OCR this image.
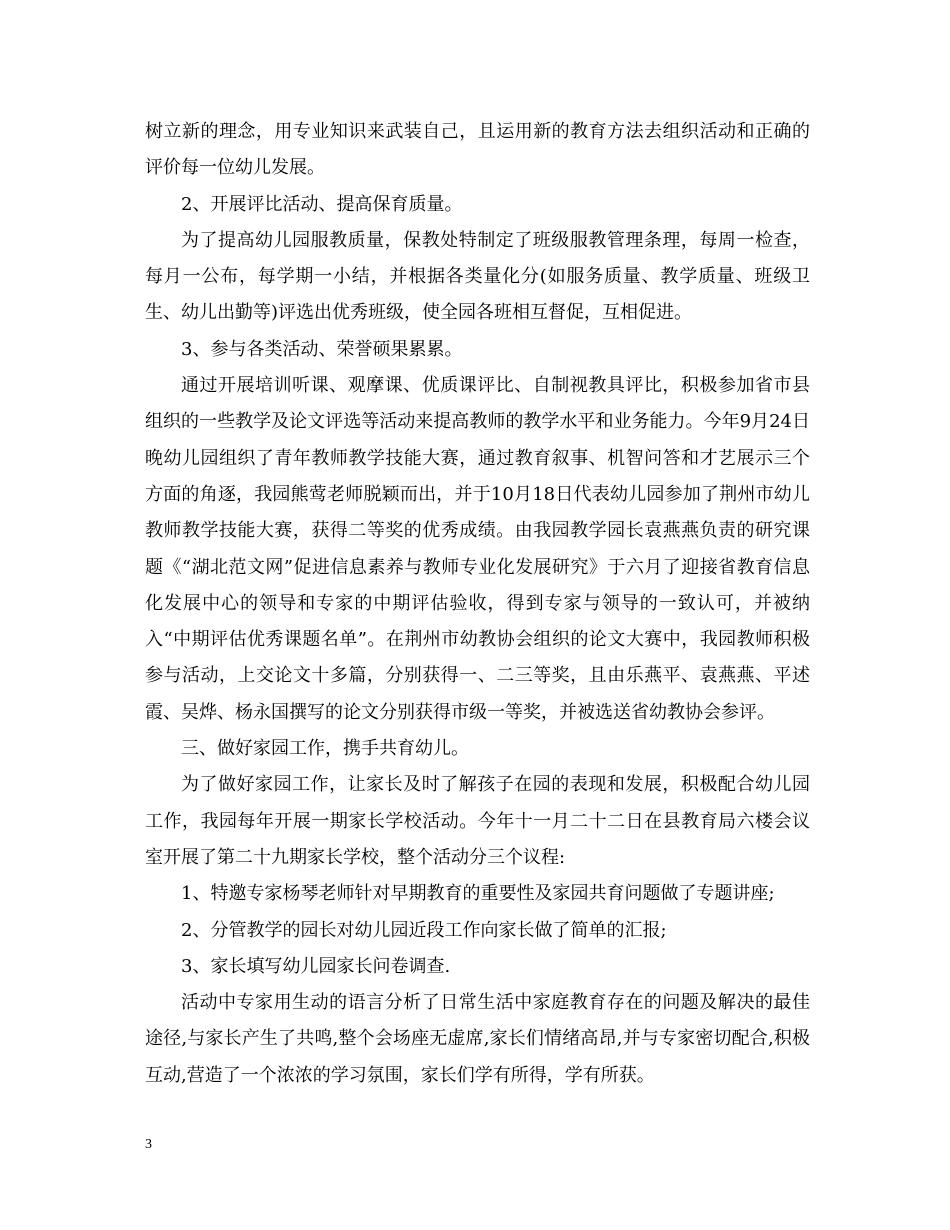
树立新的理念，用专业知识来武装自己，且运用新的教育方法去组织活动和正确的评价每一位幼儿发展。

2、开展评比活动、提高保育质量。

为了提高幼儿园服教质量，保教处特制定了班级服教管理条理，每周一检查，每月一公布，每学期一小结，并根据各类量化分(如服务质量、教学质量、班级卫生、幼儿出勤等)评选出优秀班级，使全园各班相互督促，互相促进。

3、参与各类活动、荣誉硕果累累。

通过开展培训听课、观摩课、优质课评比、自制视教具评比，积极参加省市县组织的一些教学及论文评选等活动来提高教师的教学水平和业务能力。今年9月24日晚幼儿园组织了青年教师教学技能大赛，通过教育叙事、机智问答和才艺展示三个方面的角逐，我园熊莺老师脱颖而出，并于10月18日代表幼儿园参加了荆州市幼儿教师教学技能大赛，获得二等奖的优秀成绩。由我园教学园长袁燕燕负责的研究课题《“湖北范文网”促进信息素养与教师专业化发展研究》于六月了迎接省教育信息化发展中心的领导和专家的中期评估验收，得到专家与领导的一致认可，并被纳入“中期评估优秀课题名单”。在荆州市幼教协会组织的论文大赛中，我园教师积极参与活动，上交论文十多篇，分别获得一、二三等奖，且由乐燕平、袁燕燕、平述霞、吴烨、杨永国撰写的论文分别获得市级一等奖，并被选送省幼教协会参评。

三、做好家园工作，携手共育幼儿。

为了做好家园工作，让家长及时了解孩子在园的表现和发展，积极配合幼儿园工作，我园每年开展一期家长学校活动。今年十一月二十二日在县教育局六楼会议室开展了第二十九期家长学校，整个活动分三个议程:

1、特邀专家杨琴老师针对早期教育的重要性及家园共育问题做了专题讲座;

2、分管教学的园长对幼儿园近段工作向家长做了简单的汇报;

3、家长填写幼儿园家长问卷调查.

活动中专家用生动的语言分析了日常生活中家庭教育存在的问题及解决的最佳途径,与家长产生了共鸣,整个会场座无虚席,家长们情绪高昂,并与专家密切配合,积极互动,营造了一个浓浓的学习氛围，家长们学有所得，学有所获。

3
